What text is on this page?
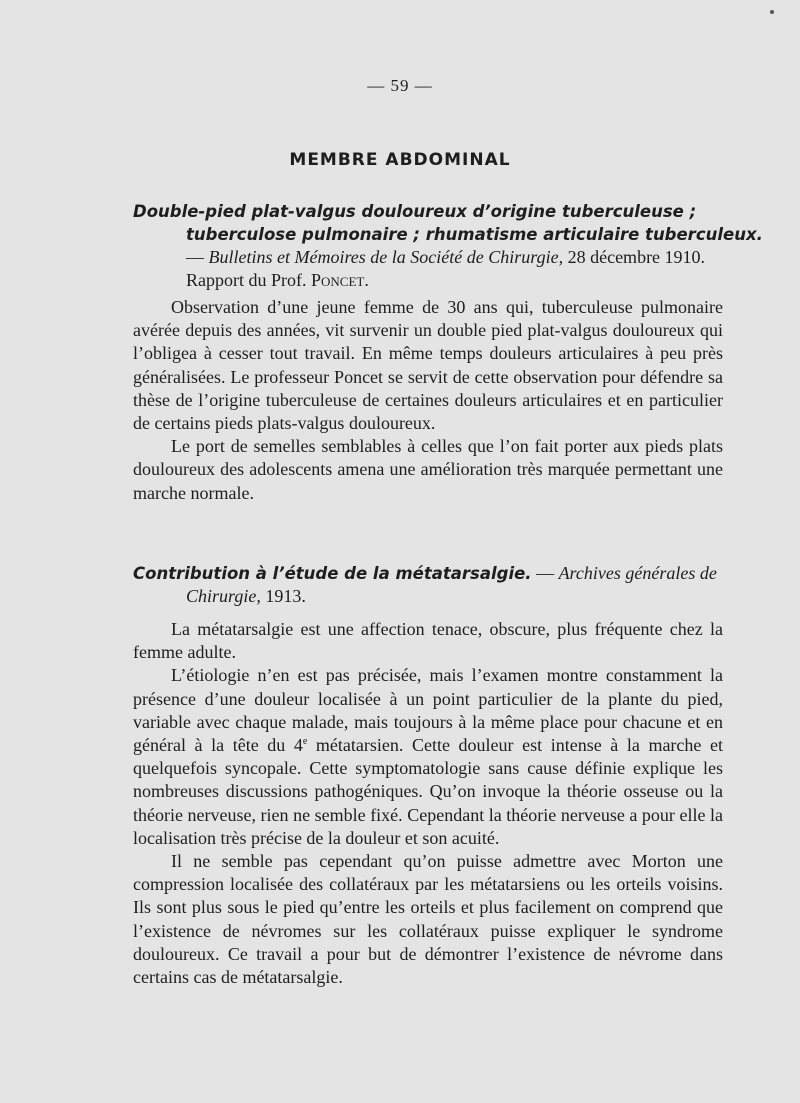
— 59 —
MEMBRE ABDOMINAL
Double-pied plat-valgus douloureux d’origine tuberculeuse ; tuberculose pulmonaire ; rhumatisme articulaire tuberculeux. — Bulletins et Mémoires de la Société de Chirurgie, 28 décembre 1910.
Rapport du Prof. Poncet.

Observation d’une jeune femme de 30 ans qui, tuberculeuse pulmonaire avérée depuis des années, vit survenir un double pied plat-valgus douloureux qui l’obligea à cesser tout travail. En même temps douleurs articulaires à peu près généralisées. Le professeur Poncet se servit de cette observation pour défendre sa thèse de l’origine tuberculeuse de certaines douleurs articulaires et en particulier de certains pieds plats-valgus douloureux.

Le port de semelles semblables à celles que l’on fait porter aux pieds plats douloureux des adolescents amena une amélioration très marquée permettant une marche normale.

Contribution à l’étude de la métatarsalgie. — Archives générales de Chirurgie, 1913.

La métatarsalgie est une affection tenace, obscure, plus fréquente chez la femme adulte.

L’étiologie n’en est pas précisée, mais l’examen montre constamment la présence d’une douleur localisée à un point particulier de la plante du pied, variable avec chaque malade, mais toujours à la même place pour chacune et en général à la tête du 4e métatarsien. Cette douleur est intense à la marche et quelquefois syncopale. Cette symptomatologie sans cause définie explique les nombreuses discussions pathogéniques. Qu’on invoque la théorie osseuse ou la théorie nerveuse, rien ne semble fixé. Cependant la théorie nerveuse a pour elle la localisation très précise de la douleur et son acuité.

Il ne semble pas cependant qu’on puisse admettre avec Morton une compression localisée des collatéraux par les métatarsiens ou les orteils voisins. Ils sont plus sous le pied qu’entre les orteils et plus facilement on comprend que l’existence de névromes sur les collatéraux puisse expliquer le syndrome douloureux. Ce travail a pour but de démontrer l’existence de névrome dans certains cas de métatarsalgie.
